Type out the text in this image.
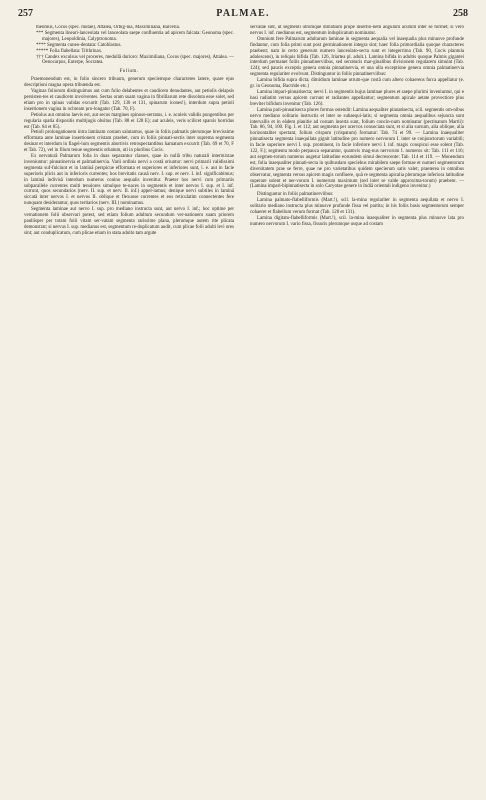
257	PALMAE.	258

thenmus, Cocos (spec. mutae), Attalea, Orbig-nia, Maximiliana, Barcella.

*** Segmenta lineari-lanceolata vel lanceolata saepe confluentia ad apicem falcata: Geonoma (spec. majores), Leopoldinia, Calyptronoma.

**** Segmenta cuneo-dentata: Catoblastus.

***** Folia flabellata: Trithrinax.

††† Candex exculsus vel proceres, medullâ durioro: Maximiliana, Cocos (spec. majores), Attalea. — Oenocarpus, Euterpe, Socratea.

Folium.

Praemonendum est, in folio sincero tribuum, generum speciemque characteres latere, quare ejus descriptioni magna opera tribuenda est.

Vaginas foliorum distinguimus aut cum folio delabentes et caudicem denudantes, aut petiolis delapsis persisten-tes et caudicem involventes. Sectas oram suam vagina in fibrillarum rete dissoluta esse solet, sed etiam pro in spinas validas excurrit (Tab. 129, 130 et 131, spinarum icones!), interdum supra petioli insertionem vagina in ochream pro-longatur (Tab. 70, F).

Petiolus aut omnino laevis est, aut secus margines spinoso-serratus, i. e. aculeis validis pungentibus per regularia spatia dispositis multijugis obsitus (Tab. 88 et 128 E); aut aculeis, veris scilicet sparsis horridus est (Tab. 84 et 85).

Petioli prolongationem intra laminam costam salutamus, quae in foliis palmatis plerumque brevissime efformata ante laminae insertionem cristam praebet, cum in foliis pinnati-sectis inter suprema segmenta desinat et interdum in flagel-lum segmentis abortivis retrospectantibus hamatum excurrit (Tab. 69 et 70, F et Tab. 72), vel in filum tenue segmentis orbatum, uti in pluribus Cocis.

Ex nervaturâ Palmarum folia in duas separantur classes, quae in nullâ tribu naturali intermixtae inveniuntur: pinnatinervia et palmatinervia. Varii ordinis nervi a costâ oriuntur: nervi primarii validissimi segmenta suf-fulciunt et in laminâ perspicue efformata et superiores et inferiores sunt, i. e. aut in facie superioris plicis aut in inferioris currentes; hos brevitatis causâ nerv. I. sup. et nerv. I. inf. significabimus; in laminâ indivisâ interdum numerus conino aequalis invenitur. Praeter hos nervi cum primariis subparallele currentes multi tenuiores simulque te-naces in segmentis et inter nervos I. sup. et I. inf. currunt, quos secundarios (nerv. II. sup. et nerv. II. inf.) appel-lamus; denique nervi subtiles in laminâ siccatâ inter nervos I. et nervos II. oblique et flexuose currentes et eos reticulatim connectentes fere nunquam desiderantur, quos tertiarios (nerv. III.) nominamus.

Segmenta laminae aut nervo I. sup. pro mediano instructa sunt, aut nervo I. inf.; hoc optime per vernationem folii observari potest, sed etiam folium adultum secundum ver-nationem suam priorem pauliisper per totam folii vitam ser-vatam segmenta rarissime plana, plerumque autem rite plicata demonstrat; si nervus I. sup. medianus est, segmentum re-duplicatum audit, cum plicae folii adulti levi ores sint; aut conduplicatum, cum plicae etiam in stata adulto tam argute

servatae sint, ut segmenti utrumque dimidium prope insertio-nem angulum acutum inter se formet; si vero nervus I. inf. medianus est, segmentum induplicatum nominatur.

Omnium fere Palmarum adultarum laminae in segmenta aequalia vel inaequalia plus minusve profunde findantur, cum folia primi sunt post germinationem integra sint; haec folia primordialia quoque characteres praebent; nam in certo generum numero lanceolato-secta sunt et integerrima (Tab. 90, Cocis plantula adolescens), in reliquis bifida (Tab. 126, Iriartea pl. adult.). Lamina bifida in adultis quoque Palmis gigantei interdum permanet foliis pinnatinerviibus, sed serraturis mar-ginalibus divisionem regularem simulat (Tab. 124); sed paucis exceptis genera omnia pinnatinervia, et una ulla exceptione genera omnia palmatinervia segmenta regulariter evolvunt. Distinguntur in foliis pinnatinerviibus:

Lamina bifida supra dicta; dimidium laminae utrum-que costâ cum altero cohaerens furca appellatur (e. gr. in Geonoma, Bactride etc.)

Lamina impari-pinnatisecta; nervi I. in segmentis hujus laminae plures et saepe plurimi inveniuntur, qui e basi radiatim versus apicem currunt et radiantes appellantur; segmentum apicale aetate provectiore plus breviter bifidum invenitur (Tab. 126).

Lamina pari-pinnatisecta plures formas ostendit: Lamina aequaliter pinnatisecta, scil. segmentis om-nibus nervo mediano solitario instructis et inter se subaequi-latis; si segmenta omnia aequalibus sejuncta sunt intervallis et in eâdem planitie ad costam inserta sunt, folium concin-num nominatur (pectinatum Martii): Tab. 86, 94, 100. Fig. I. et 112; aut segmenta per acervos consociata sunt, et si alia sursum, alia oblique, alia horizontaliter spectant, folium crispum (crispatum) formatur: Tab. 74 et 99. — Lamina inaequaliter pinnatisecta segmenta inaequilata gignit latitudine pro numero nervorum I. inter se conjunctorum variabili; in facie superiore nervi I. sup. prominent, in facie inferiore nervi I. inf. magis conspicui esse solent (Tab. 122, F.); segmenta modo perpauca separantur, quamvis mag-nus nervorum I. numerus sit: Tab. 111 et 116; aut segmen-torum numerus augetur latitudine eorundem simul decrescente: Tab. 114 et 119. — Monendum est, folia inaequaliter pinnati-secta in quibusdam speciebus mirabilem saepe formae et numeri segmentorum diversitatem prae se ferre, quae ne pro varietatibus quidem specierum satis valet; praeterea in omnibus observatur, segmenta versus apicem magis confluere, quâ re segmenta apicalia plerumque inferiora latitudine superare solent et ner-vorum I. numerum maximum (sed inter se valde approxima-torum) praebent. — (Lamina impari-bipinnatisecta in solo Caryotae genere in Indiâ orientali indigeno invenitur.)

Distinguntur in foliis palmatinerviibus:

Lamina palmato-flabelliformis (Mart.!), scil. la-mina regulariter in segmenta aequilata et nervo I. solitario mediano instructa plus minusve profunde fissa vel partita; in his foliis basis segmentorum semper cohaeret et flabellum verum format (Tab. 128 et 131).

Lamina digitato-flabelliformis (Mart.!), scil. la-mina inaequaliter in segmenta plus minusve lata pro numero nervorum I. vario fissa, fissuris plerumque usque ad costam
